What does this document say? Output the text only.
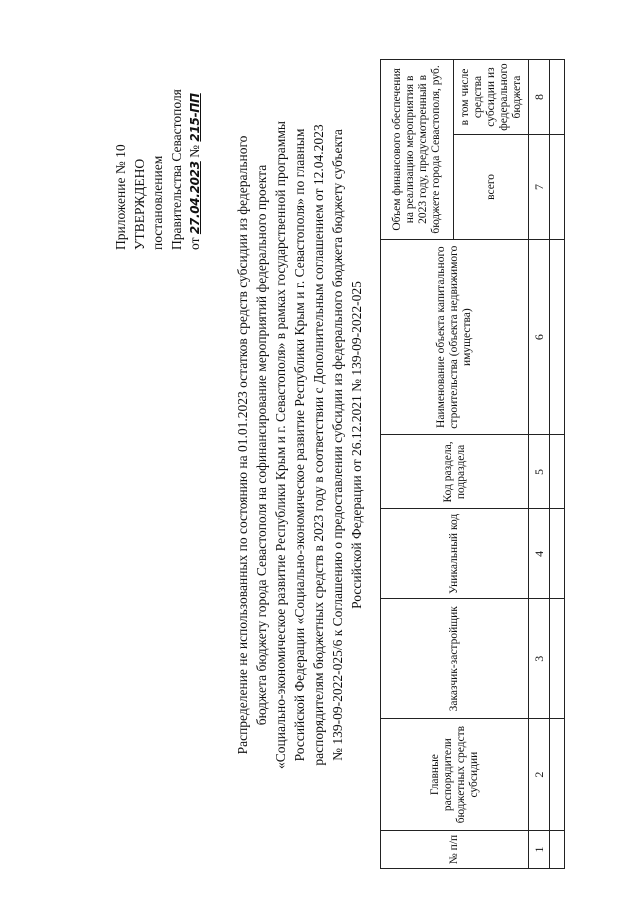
Приложение № 10 УТВЕРЖДЕНО постановлением Правительства Севастополя от 27.04.2023 № 215-ПП
Распределение не использованных по состоянию на 01.01.2023 остатков средств субсидии из федерального бюджета бюджету города Севастополя на софинансирование мероприятий федерального проекта «Социально-экономическое развитие Республики Крым и г. Севастополя» в рамках государственной программы Российской Федерации «Социально-экономическое развитие Республики Крым и г. Севастополя» по главным распорядителям бюджетных средств в 2023 году в соответствии с Дополнительным соглашением от 12.04.2023 № 139-09-2022-025/6 к Соглашению о предоставлении субсидии из федерального бюджета бюджету субъекта Российской Федерации от 26.12.2021 № 139-09-2022-025
№ п/п	Главные распорядители бюджетных средств субсидии	Заказчик-застройщик	Уникальный код	Код раздела, подраздела	Наименование объекта капитального строительства (объекта недвижимого имущества)	Объем финансового обеспечения на реализацию мероприятия в 2023 году, предусмотренный в бюджете города Севастополя, руб.	
						всего	в том числе средства субсидии из федерального бюджета
1	2	3	4	5	6	7	8
